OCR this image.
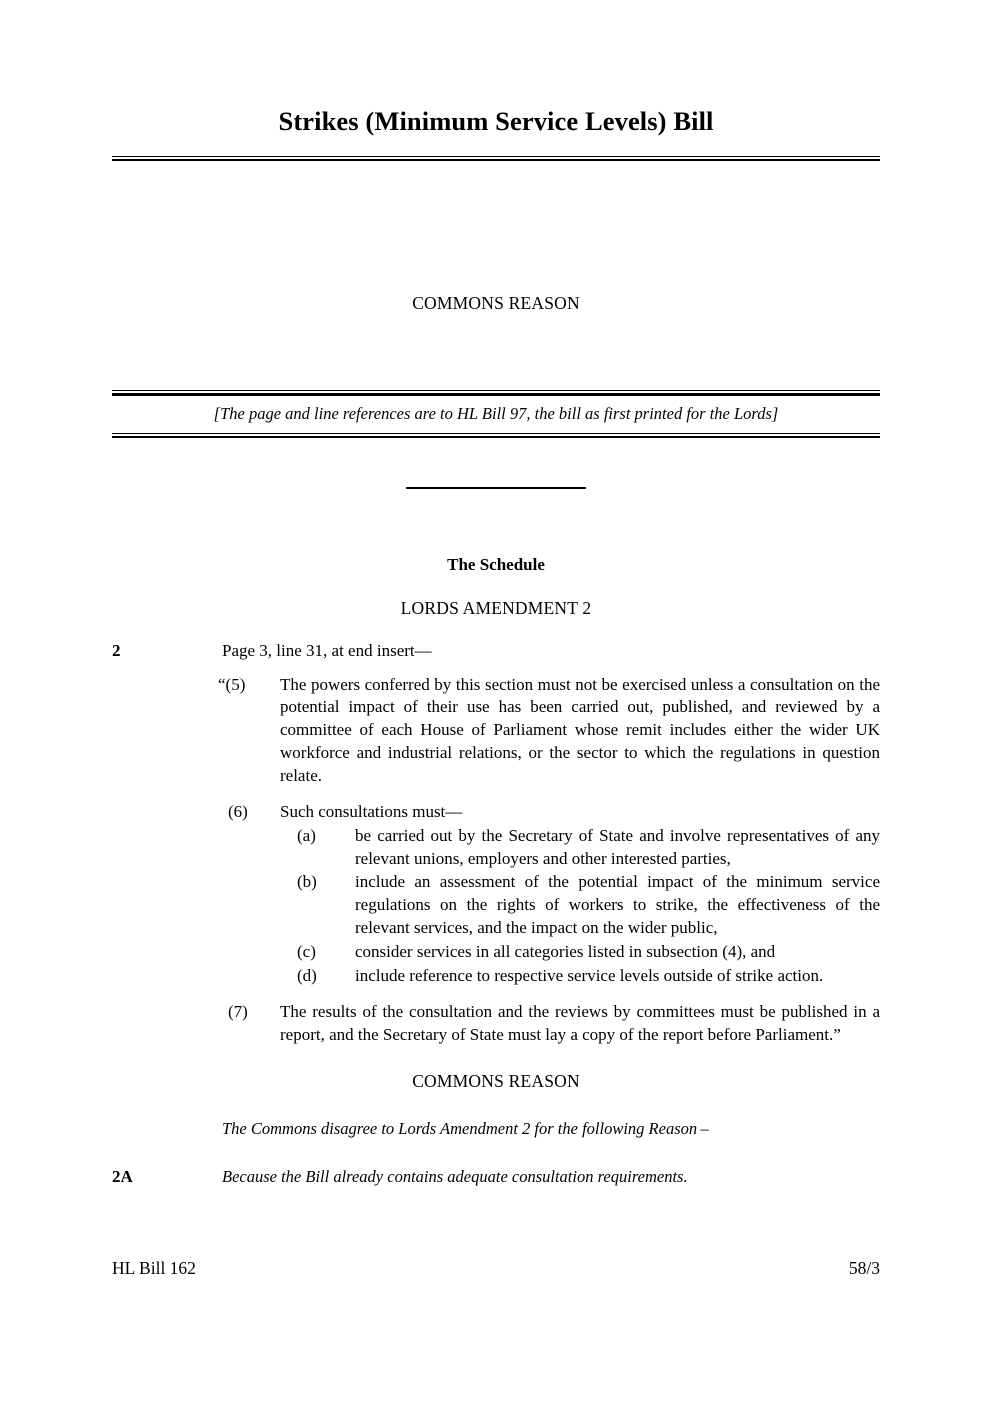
Strikes (Minimum Service Levels) Bill
COMMONS REASON

[The page and line references are to HL Bill 97, the bill as first printed for the Lords]

The Schedule
LORDS AMENDMENT 2
2	Page 3, line 31, at end insert—
“(5)	The powers conferred by this section must not be exercised unless a consultation on the potential impact of their use has been carried out, published, and reviewed by a committee of each House of Parliament whose remit includes either the wider UK workforce and industrial relations, or the sector to which the regulations in question relate.
(6)	Such consultations must—
(a)	be carried out by the Secretary of State and involve representatives of any relevant unions, employers and other interested parties,
(b)	include an assessment of the potential impact of the minimum service regulations on the rights of workers to strike, the effectiveness of the relevant services, and the impact on the wider public,
(c)	consider services in all categories listed in subsection (4), and
(d)	include reference to respective service levels outside of strike action.
(7)	The results of the consultation and the reviews by committees must be published in a report, and the Secretary of State must lay a copy of the report before Parliament.”
COMMONS REASON
The Commons disagree to Lords Amendment 2 for the following Reason –
2A	Because the Bill already contains adequate consultation requirements.
HL Bill 162	58/3
